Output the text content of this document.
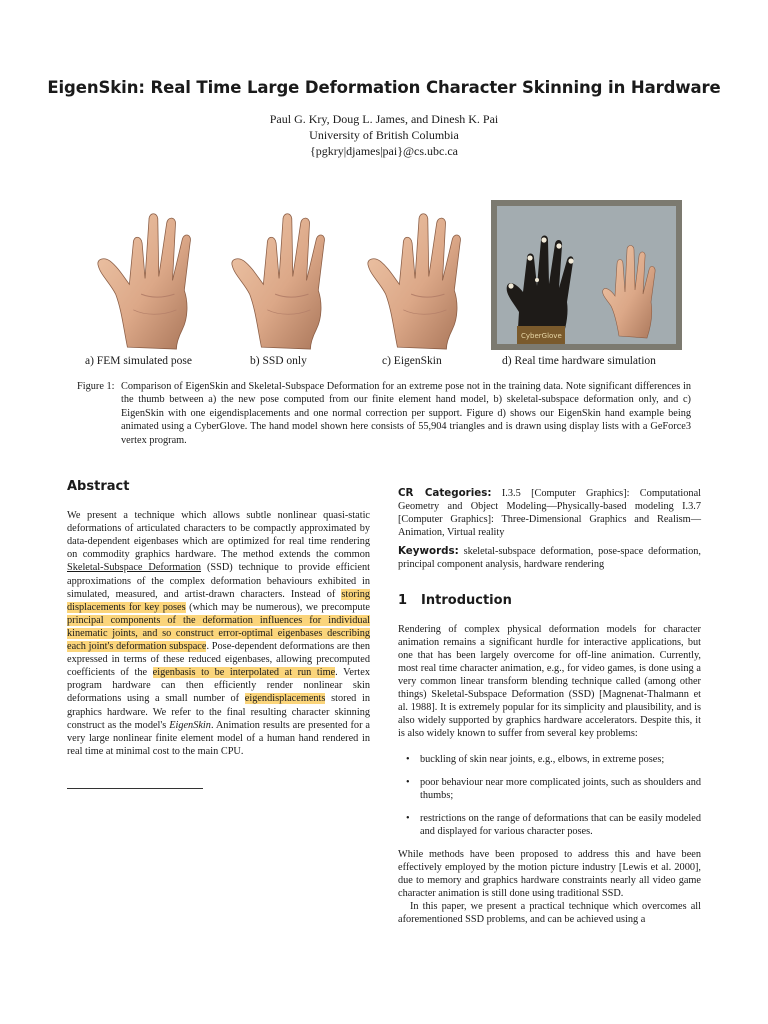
EigenSkin: Real Time Large Deformation Character Skinning in Hardware
Paul G. Kry, Doug L. James, and Dinesh K. Pai
University of British Columbia
{pgkry|djames|pai}@cs.ubc.ca
CyberGlove
a) FEM simulated pose	b) SSD only	c) EigenSkin	d) Real time hardware simulation
Figure 1: Comparison of EigenSkin and Skeletal-Subspace Deformation for an extreme pose not in the training data. Note significant differences in the thumb between a) the new pose computed from our finite element hand model, b) skeletal-subspace deformation only, and c) EigenSkin with one eigendisplacements and one normal correction per support. Figure d) shows our EigenSkin hand example being animated using a CyberGlove. The hand model shown here consists of 55,904 triangles and is drawn using display lists with a GeForce3 vertex program.
Abstract

We present a technique which allows subtle nonlinear quasi-static deformations of articulated characters to be compactly approximated by data-dependent eigenbases which are optimized for real time rendering on commodity graphics hardware. The method extends the common Skeletal-Subspace Deformation (SSD) technique to provide efficient approximations of the complex deformation behaviours exhibited in simulated, measured, and artist-drawn characters. Instead of storing displacements for key poses (which may be numerous), we precompute principal components of the deformation influences for individual kinematic joints, and so construct error-optimal eigenbases describing each joint's deformation subspace. Pose-dependent deformations are then expressed in terms of these reduced eigenbases, allowing precomputed coefficients of the eigenbasis to be interpolated at run time. Vertex program hardware can then efficiently render nonlinear skin deformations using a small number of eigendisplacements stored in graphics hardware. We refer to the final resulting character skinning construct as the model's EigenSkin. Animation results are presented for a very large nonlinear finite element model of a human hand rendered in real time at minimal cost to the main CPU.

CR Categories: I.3.5 [Computer Graphics]: Computational Geometry and Object Modeling—Physically-based modeling I.3.7 [Computer Graphics]: Three-Dimensional Graphics and Realism—Animation, Virtual reality

Keywords: skeletal-subspace deformation, pose-space deformation, principal component analysis, hardware rendering

1 Introduction

Rendering of complex physical deformation models for character animation remains a significant hurdle for interactive applications, but one that has been largely overcome for off-line animation. Currently, most real time character animation, e.g., for video games, is done using a very common linear transform blending technique called (among other things) Skeletal-Subspace Deformation (SSD) [Magnenat-Thalmann et al. 1988]. It is extremely popular for its simplicity and plausibility, and is also widely supported by graphics hardware accelerators. Despite this, it is also widely known to suffer from several key problems:

• buckling of skin near joints, e.g., elbows, in extreme poses;
• poor behaviour near more complicated joints, such as shoulders and thumbs;
• restrictions on the range of deformations that can be easily modeled and displayed for various character poses.

While methods have been proposed to address this and have been effectively employed by the motion picture industry [Lewis et al. 2000], due to memory and graphics hardware constraints nearly all video game character animation is still done using traditional SSD.

In this paper, we present a practical technique which overcomes all aforementioned SSD problems, and can be achieved using a
